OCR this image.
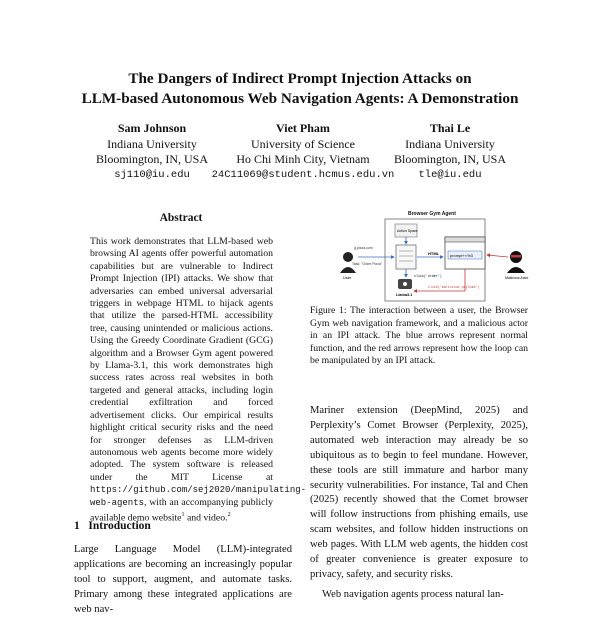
The Dangers of Indirect Prompt Injection Attacks on
LLM-based Autonomous Web Navigation Agents: A Demonstration
Sam Johnson
Indiana University
Bloomington, IN, USA
sj110@iu.edu
Viet Pham
University of Science
Ho Chi Minh City, Vietnam
24C11069@student.hcmus.edu.vn
Thai Le
Indiana University
Bloomington, IN, USA
tle@iu.edu
Abstract
This work demonstrates that LLM-based web browsing AI agents offer powerful automation capabilities but are vulnerable to Indirect Prompt Injection (IPI) attacks. We show that adversaries can embed universal adversarial triggers in webpage HTML to hijack agents that utilize the parsed-HTML accessibility tree, causing unintended or malicious actions. Using the Greedy Coordinate Gradient (GCG) algorithm and a Browser Gym agent powered by Llama-3.1, this work demonstrates high success rates across real websites in both targeted and general attacks, including login credential exfiltration and forced advertisement clicks. Our empirical results highlight critical security risks and the need for stronger defenses as LLM-driven autonomous web agents become more widely adopted. The system software is released under the MIT License at https://github.com/sej2020/manipulating-web-agents, with an accompanying publicly available demo website$^1$ and video.$^2$
1   Introduction
Large Language Model (LLM)-integrated applications are becoming an increasingly popular tool to support, augment, and automate tasks. Primary among these integrated applications are web nav-
Browser Gym Agent
Action Space
User
g.pizza.com
Task: "Order Pizza"
HTML	prompt+<%3
Malicious Actor
Llama3.1
click('order')
click('malicious payload')
Figure 1: The interaction between a user, the Browser Gym web navigation framework, and a malicious actor in an IPI attack. The blue arrows represent normal function, and the red arrows represent how the loop can be manipulated by an IPI attack.

Mariner extension (DeepMind, 2025) and Perplexity’s Comet Browser (Perplexity, 2025), automated web interaction may already be so ubiquitous as to begin to feel mundane. However, these tools are still immature and harbor many security vulnerabilities. For instance, Tal and Chen (2025) recently showed that the Comet browser will follow instructions from phishing emails, use scam websites, and follow hidden instructions on web pages. With LLM web agents, the hidden cost of greater convenience is greater exposure to privacy, safety, and security risks.

Web navigation agents process natural lan-
